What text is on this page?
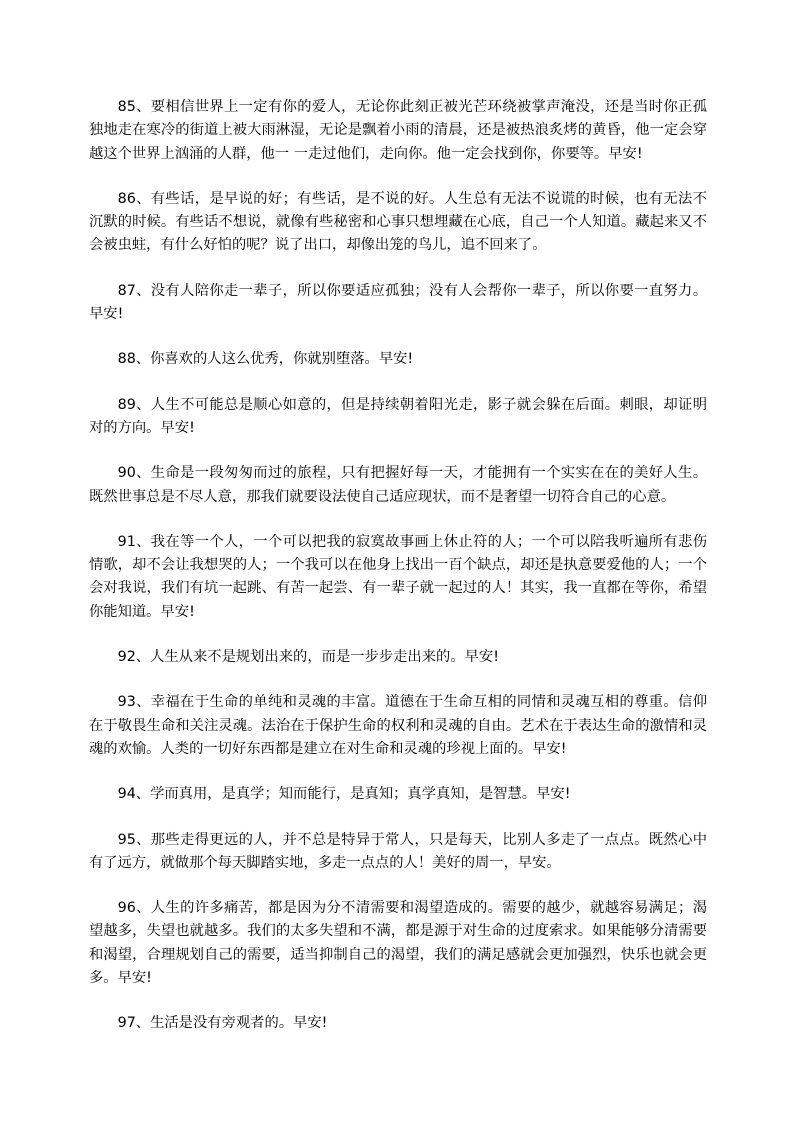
85、要相信世界上一定有你的爱人，无论你此刻正被光芒环绕被掌声淹没，还是当时你正孤独地走在寒冷的街道上被大雨淋湿，无论是飘着小雨的清晨，还是被热浪炙烤的黄昏，他一定会穿越这个世界上汹涌的人群，他一 一走过他们，走向你。他一定会找到你，你要等。早安!

86、有些话，是早说的好；有些话，是不说的好。人生总有无法不说谎的时候，也有无法不沉默的时候。有些话不想说，就像有些秘密和心事只想埋藏在心底，自己一个人知道。藏起来又不会被虫蛀，有什么好怕的呢？说了出口，却像出笼的鸟儿，追不回来了。

87、没有人陪你走一辈子，所以你要适应孤独；没有人会帮你一辈子，所以你要一直努力。早安!

88、你喜欢的人这么优秀，你就别堕落。早安!

89、人生不可能总是顺心如意的，但是持续朝着阳光走，影子就会躲在后面。刺眼，却证明对的方向。早安!

90、生命是一段匆匆而过的旅程，只有把握好每一天，才能拥有一个实实在在的美好人生。既然世事总是不尽人意，那我们就要设法使自己适应现状，而不是奢望一切符合自己的心意。

91、我在等一个人，一个可以把我的寂寞故事画上休止符的人；一个可以陪我听遍所有悲伤情歌，却不会让我想哭的人；一个我可以在他身上找出一百个缺点，却还是执意要爱他的人；一个会对我说，我们有坑一起跳、有苦一起尝、有一辈子就一起过的人！其实，我一直都在等你，希望你能知道。早安!

92、人生从来不是规划出来的，而是一步步走出来的。早安!

93、幸福在于生命的单纯和灵魂的丰富。道德在于生命互相的同情和灵魂互相的尊重。信仰在于敬畏生命和关注灵魂。法治在于保护生命的权利和灵魂的自由。艺术在于表达生命的激情和灵魂的欢愉。人类的一切好东西都是建立在对生命和灵魂的珍视上面的。早安!

94、学而真用，是真学；知而能行，是真知；真学真知，是智慧。早安!

95、那些走得更远的人，并不总是特异于常人，只是每天，比别人多走了一点点。既然心中有了远方，就做那个每天脚踏实地，多走一点点的人！美好的周一，早安。

96、人生的许多痛苦，都是因为分不清需要和渴望造成的。需要的越少，就越容易满足；渴望越多，失望也就越多。我们的太多失望和不满，都是源于对生命的过度索求。如果能够分清需要和渴望，合理规划自己的需要，适当抑制自己的渴望，我们的满足感就会更加强烈，快乐也就会更多。早安!

97、生活是没有旁观者的。早安!
